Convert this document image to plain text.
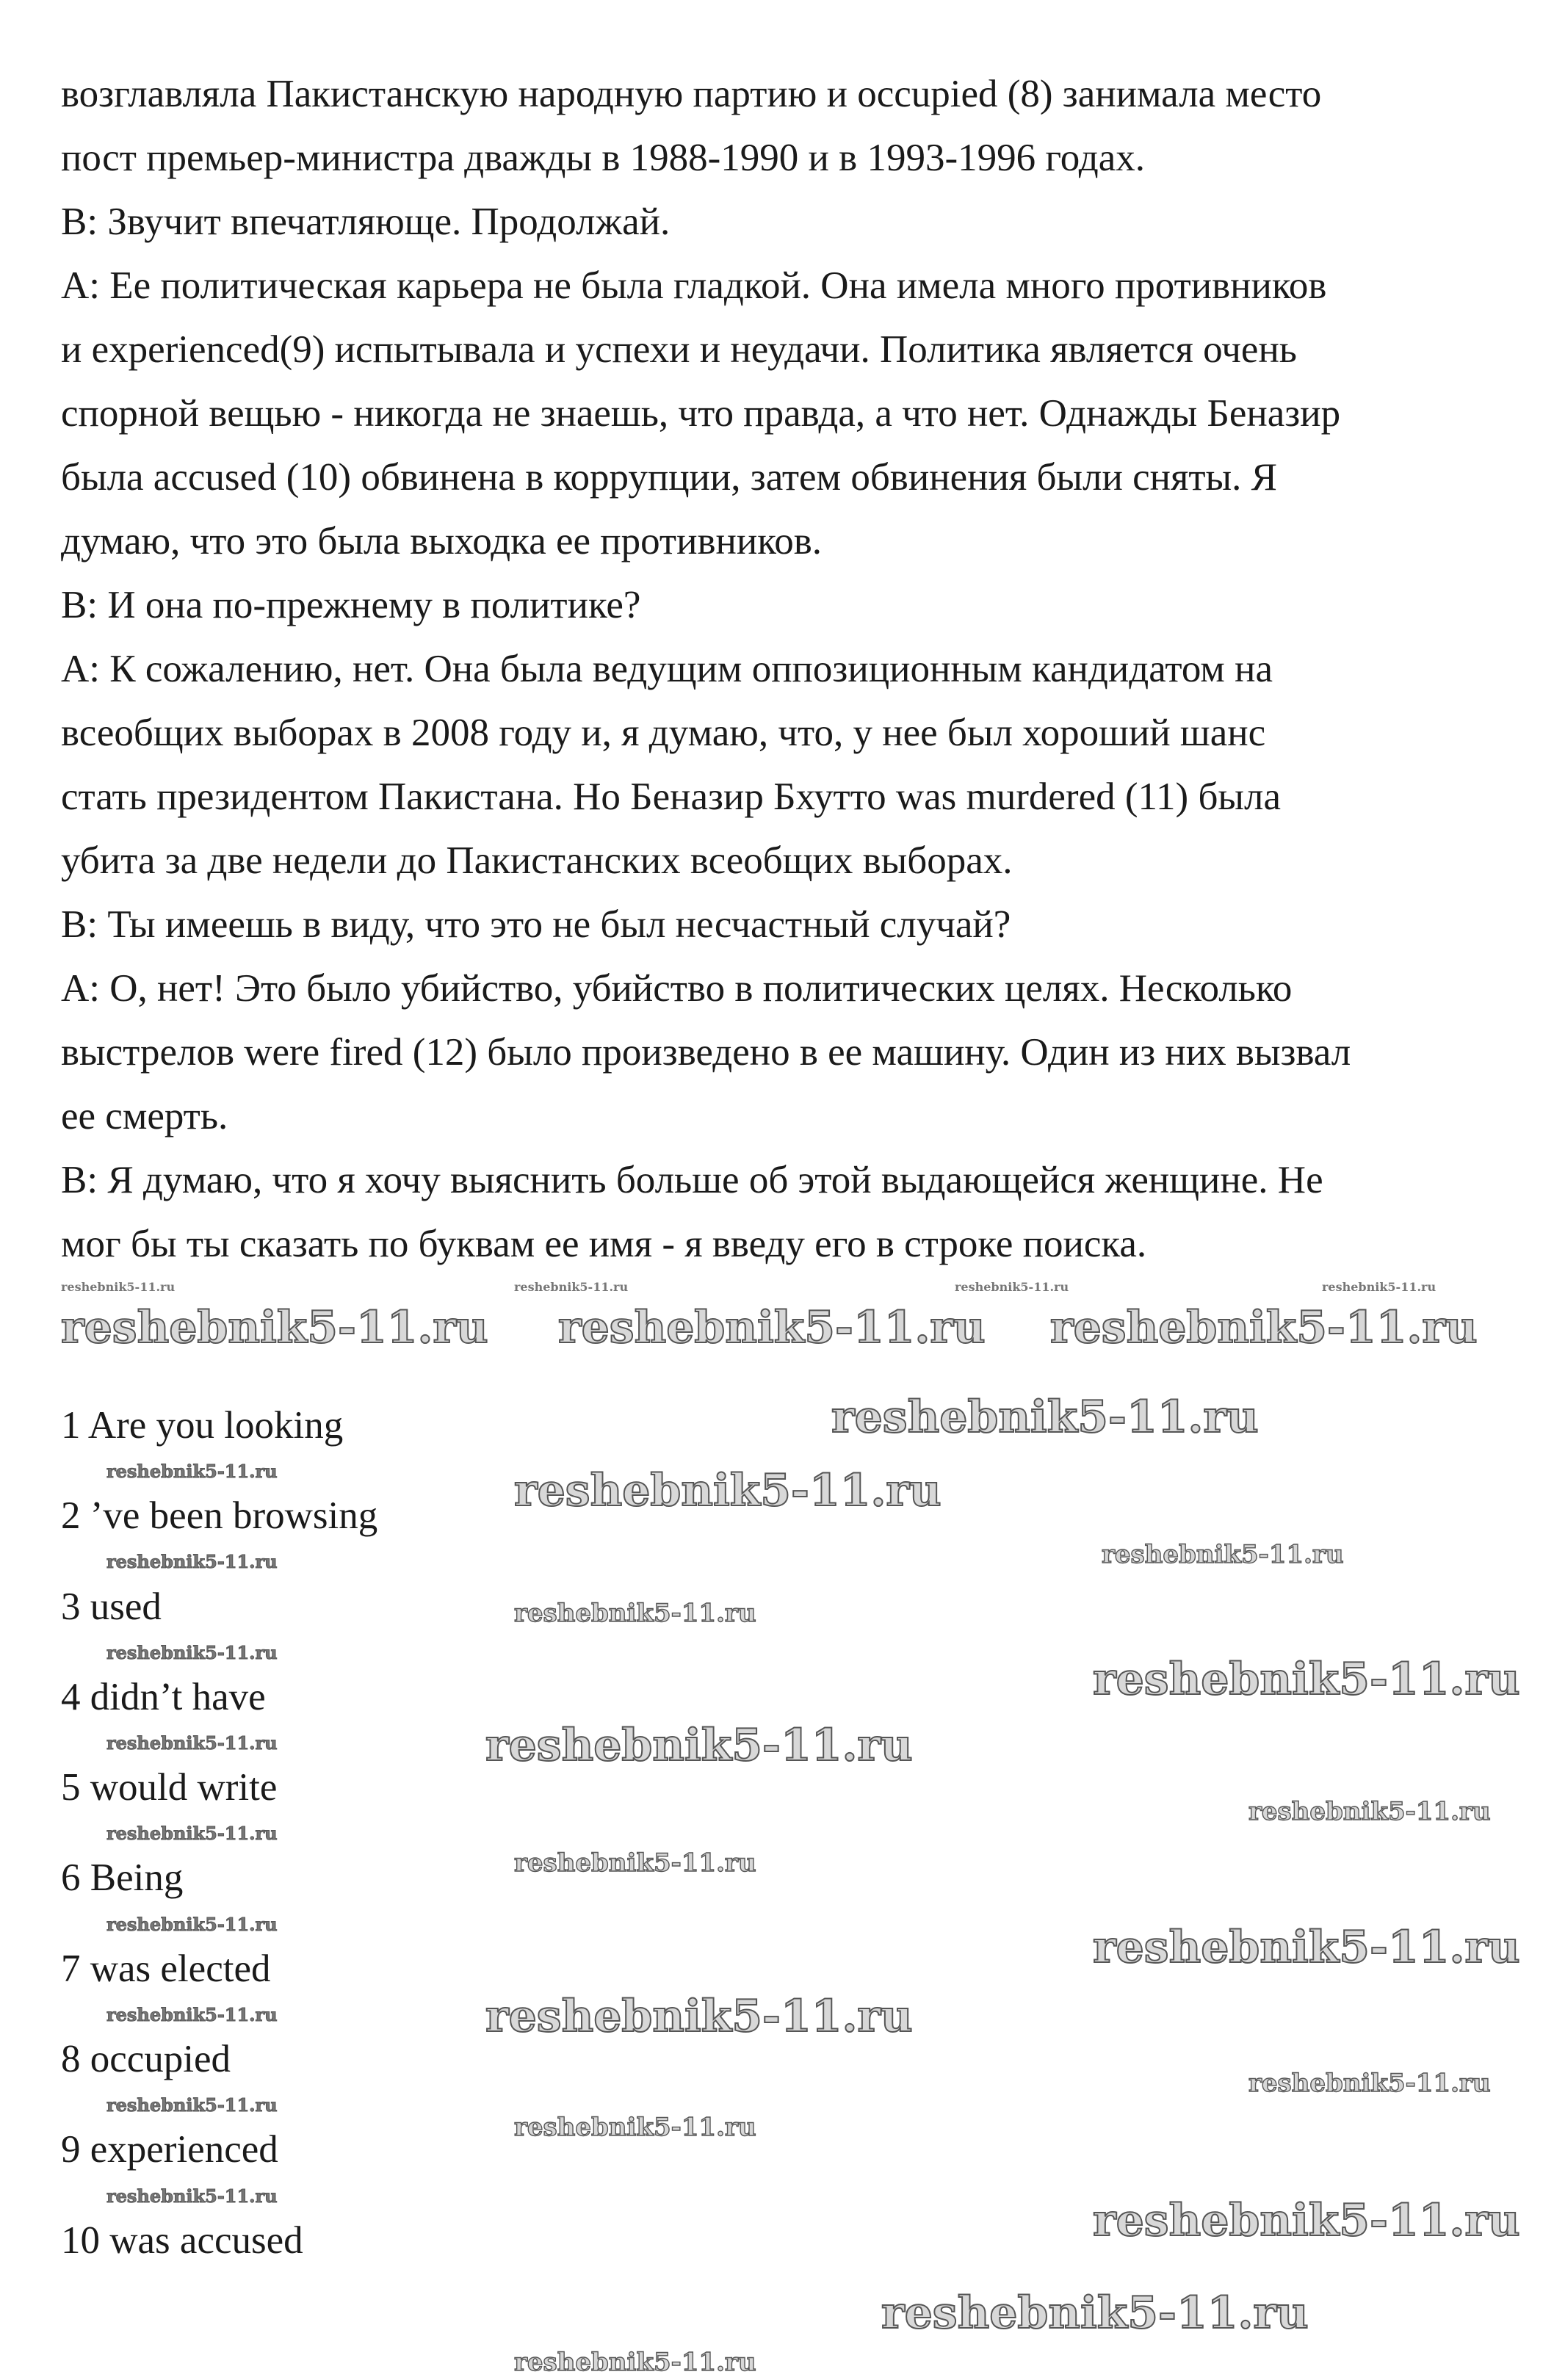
возглавляла Пакистанскую народную партию и occupied (8) занимала место
пост премьер-министра дважды в 1988-1990 и в 1993-1996 годах.
B: Звучит впечатляюще. Продолжай.
A: Ее политическая карьера не была гладкой. Она имела много противников
и experienced(9) испытывала и успехи и неудачи. Политика является очень
спорной вещью - никогда не знаешь, что правда, а что нет. Однажды Беназир
была accused (10) обвинена в коррупции, затем обвинения были сняты. Я
думаю, что это была выходка ее противников.
B: И она по-прежнему в политике?
A: К сожалению, нет. Она была ведущим оппозиционным кандидатом на
всеобщих выборах в 2008 году и, я думаю, что, у нее был хороший шанс
стать президентом Пакистана. Но Беназир Бхутто was murdered (11) была
убита за две недели до Пакистанских всеобщих выборах.
B: Ты имеешь в виду, что это не был несчастный случай?
A: О, нет! Это было убийство, убийство в политических целях. Несколько
выстрелов were fired (12) было произведено в ее машину. Один из них вызвал
ее смерть.
B: Я думаю, что я хочу выяснить больше об этой выдающейся женщине. Не
мог бы ты сказать по буквам ее имя - я введу его в строке поиска.
1 Are you looking
2 ’ve been browsing
3 used
4 didn’t have
5 would write
6 Being
7 was elected
8 occupied
9 experienced
10 was accused
reshebnik5-11.ru	reshebnik5-11.ru	reshebnik5-11.ru	reshebnik5-11.ru
reshebnik5-11.ru reshebnik5-11.ru reshebnik5-11.ru
reshebnik5-11.ru
reshebnik5-11.ru
reshebnik5-11.ru
reshebnik5-11.ru
reshebnik5-11.ru
reshebnik5-11.ru
reshebnik5-11.ru
reshebnik5-11.ru
reshebnik5-11.ru
reshebnik5-11.ru
reshebnik5-11.ru
reshebnik5-11.ru
reshebnik5-11.ru
reshebnik5-11.ru
reshebnik5-11.ru
reshebnik5-11.ru
reshebnik5-11.ru
reshebnik5-11.ru
reshebnik5-11.ru
reshebnik5-11.ru
reshebnik5-11.ru
reshebnik5-11.ru
reshebnik5-11.ru
reshebnik5-11.ru
